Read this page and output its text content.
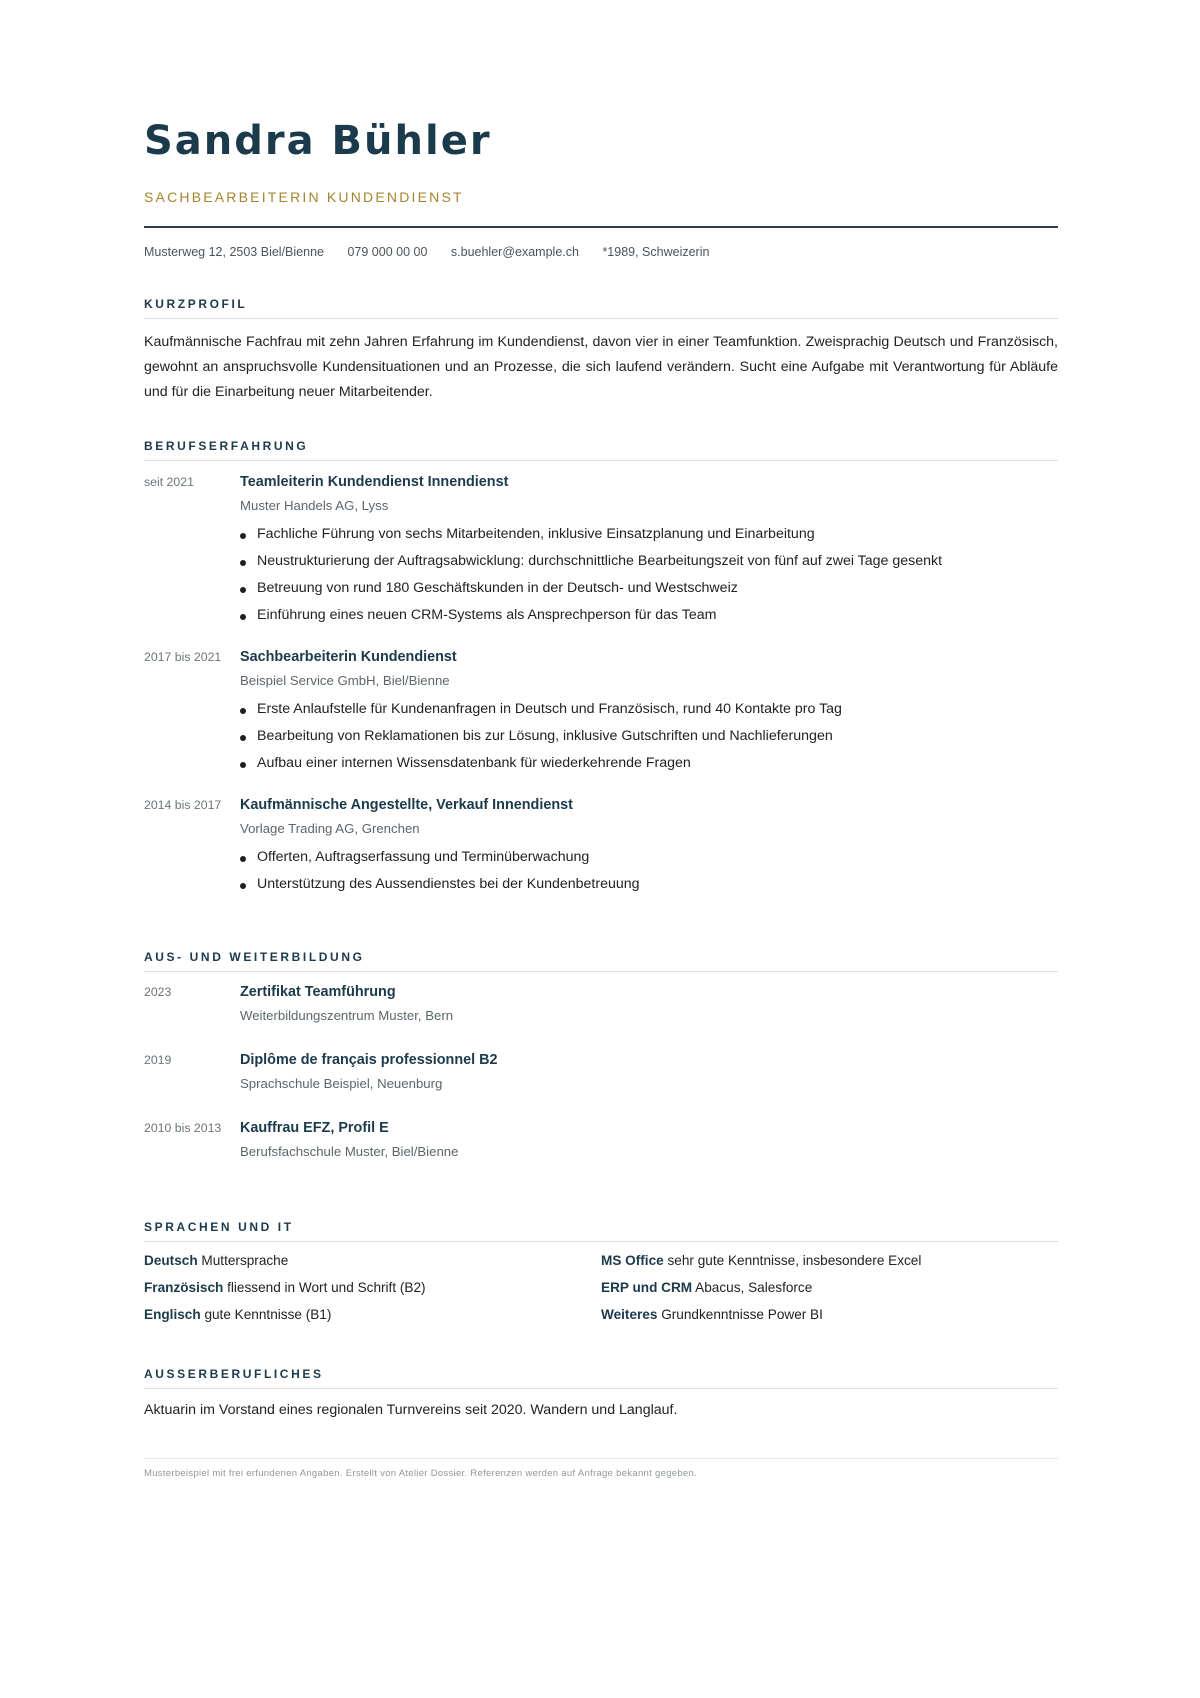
Sandra Bühler
SACHBEARBEITERIN KUNDENDIENST
Musterweg 12, 2503 Biel/Bienne 079 000 00 00 s.buehler@example.ch *1989, Schweizerin
KURZPROFIL

Kaufmännische Fachfrau mit zehn Jahren Erfahrung im Kundendienst, davon vier in einer Teamfunktion. Zweisprachig Deutsch und Französisch, gewohnt an anspruchsvolle Kundensituationen und an Prozesse, die sich laufend verändern. Sucht eine Aufgabe mit Verantwortung für Abläufe und für die Einarbeitung neuer Mitarbeitender.

BERUFSERFAHRUNG
seit 2021	Teamleiterin Kundendienst Innendienst
Muster Handels AG, Lyss
Fachliche Führung von sechs Mitarbeitenden, inklusive Einsatzplanung und Einarbeitung
Neustrukturierung der Auftragsabwicklung: durchschnittliche Bearbeitungszeit von fünf auf zwei Tage gesenkt
Betreuung von rund 180 Geschäftskunden in der Deutsch- und Westschweiz
Einführung eines neuen CRM-Systems als Ansprechperson für das Team
2017 bis 2021 Sachbearbeiterin Kundendienst
Beispiel Service GmbH, Biel/Bienne
Erste Anlaufstelle für Kundenanfragen in Deutsch und Französisch, rund 40 Kontakte pro Tag
Bearbeitung von Reklamationen bis zur Lösung, inklusive Gutschriften und Nachlieferungen
Aufbau einer internen Wissensdatenbank für wiederkehrende Fragen
2014 bis 2017 Kaufmännische Angestellte, Verkauf Innendienst
Vorlage Trading AG, Grenchen
Offerten, Auftragserfassung und Terminüberwachung
Unterstützung des Aussendienstes bei der Kundenbetreuung
AUS- UND WEITERBILDUNG
2023	Zertifikat Teamführung
Weiterbildungszentrum Muster, Bern
2019	Diplôme de français professionnel B2
Sprachschule Beispiel, Neuenburg
2010 bis 2013 Kauffrau EFZ, Profil E
Berufsfachschule Muster, Biel/Bienne
SPRACHEN UND IT
Deutsch Muttersprache
Französisch fliessend in Wort und Schrift (B2)
Englisch gute Kenntnisse (B1)
MS Office sehr gute Kenntnisse, insbesondere Excel
ERP und CRM Abacus, Salesforce
Weiteres Grundkenntnisse Power BI
AUSSERBERUFLICHES

Aktuarin im Vorstand eines regionalen Turnvereins seit 2020. Wandern und Langlauf.

Musterbeispiel mit frei erfundenen Angaben. Erstellt von Atelier Dossier. Referenzen werden auf Anfrage bekannt gegeben.
